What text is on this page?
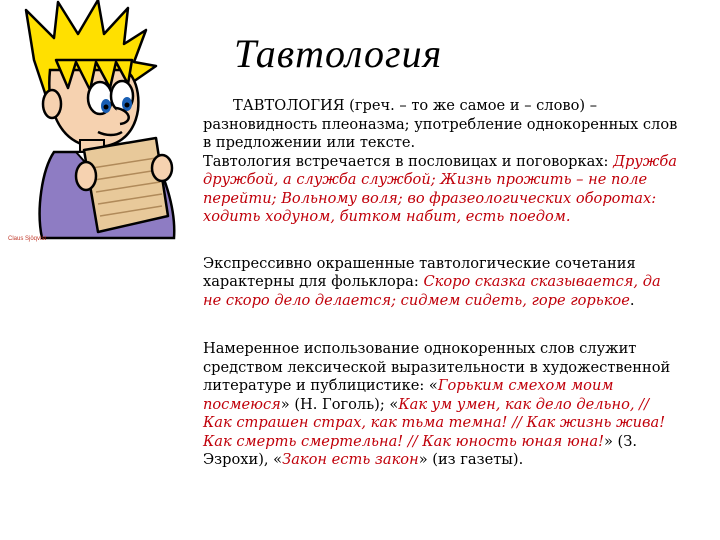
Тавтология
Сlaus Sjöqvist

ТАВТОЛОГИЯ (греч. – то же самое и – слово) – разновидность плеоназма; употребление однокоренных слов в предложении или тексте.

Тавтология встречается в пословицах и поговорках: Дружба дружбой, а служба службой; Жизнь прожить – не поле перейти; Вольному воля; во фразеологических оборотах: ходить ходуном, битком набит, есть поедом.

Экспрессивно окрашенные тавтологические сочетания характерны для фольклора: Скоро сказка сказывается, да не скоро дело делается; сидмем сидеть, горе горькое.

Намеренное использование однокоренных слов служит средством лексической выразительности в художественной литературе и публицистике: «Горьким смехом моим посмеюся» (Н. Гоголь); «Как ум умен, как дело дельно, // Как страшен страх, как тьма темна! // Как жизнь жива! Как смерть смертельна! // Как юность юная юна!» (З. Эзрохи), «Закон есть закон» (из газеты).
